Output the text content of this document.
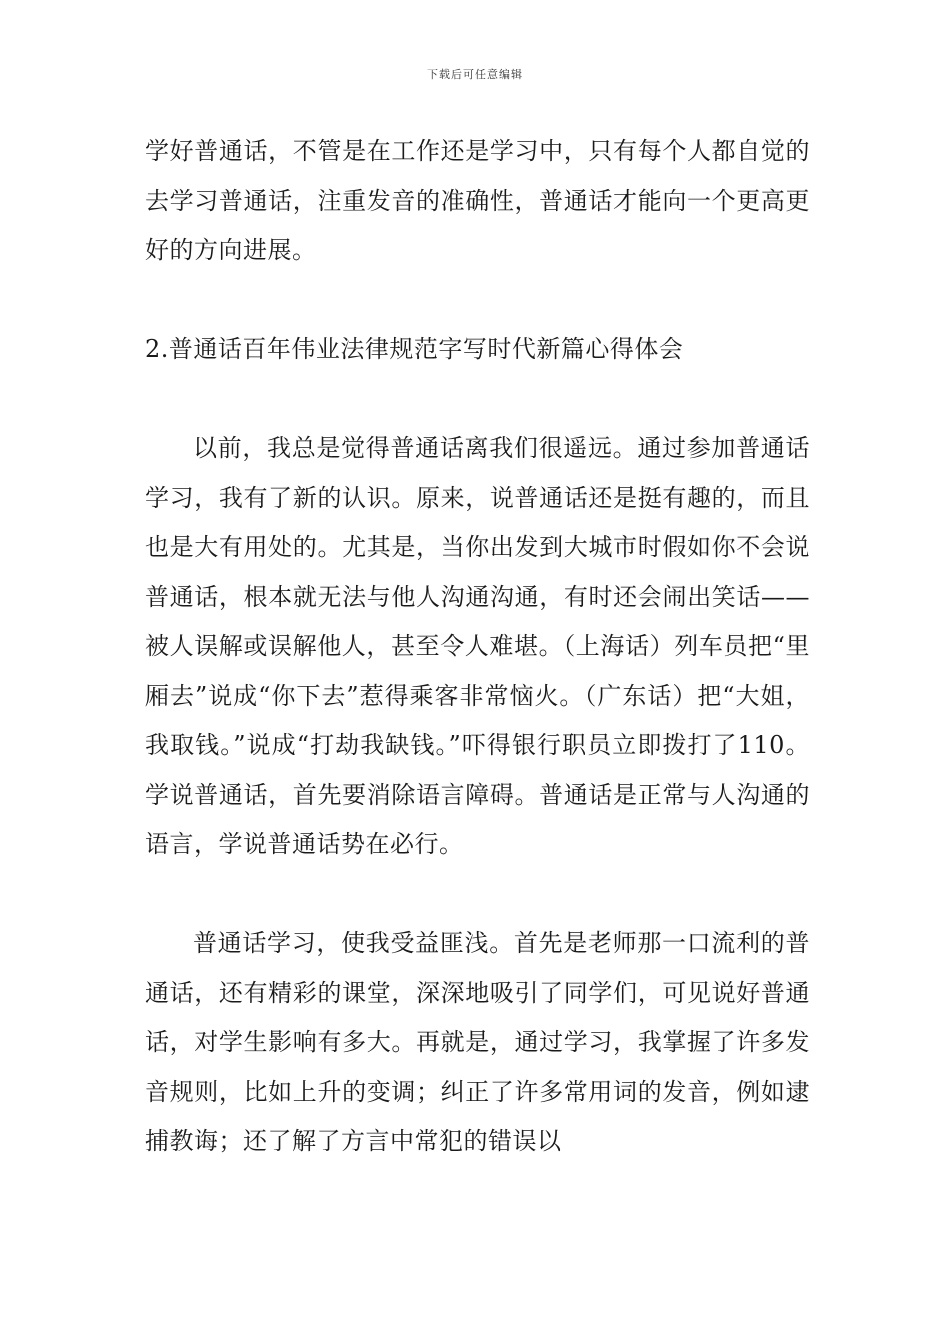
下载后可任意编辑

学好普通话，不管是在工作还是学习中，只有每个人都自觉的去学习普通话，注重发音的准确性，普通话才能向一个更高更好的方向进展。

2.普通话百年伟业法律规范字写时代新篇心得体会

以前，我总是觉得普通话离我们很遥远。通过参加普通话学习，我有了新的认识。原来，说普通话还是挺有趣的，而且也是大有用处的。尤其是，当你出发到大城市时假如你不会说普通话，根本就无法与他人沟通沟通，有时还会闹出笑话——被人误解或误解他人，甚至令人难堪。（上海话）列车员把“里厢去”说成“你下去”惹得乘客非常恼火。（广东话）把“大姐，我取钱。”说成“打劫我缺钱。”吓得银行职员立即拨打了110。学说普通话，首先要消除语言障碍。普通话是正常与人沟通的语言，学说普通话势在必行。

普通话学习，使我受益匪浅。首先是老师那一口流利的普通话，还有精彩的课堂，深深地吸引了同学们，可见说好普通话，对学生影响有多大。再就是，通过学习，我掌握了许多发音规则，比如上升的变调；纠正了许多常用词的发音，例如逮捕教诲；还了解了方言中常犯的错误以
